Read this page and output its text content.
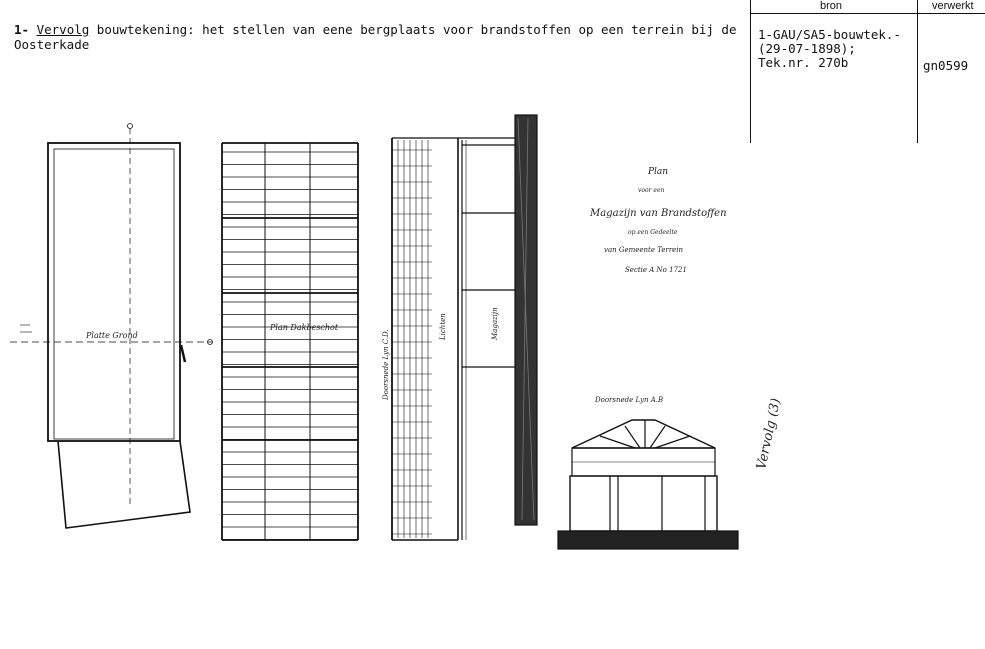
1- Vervolg bouwtekening: het stellen van eene bergplaats voor brandstoffen op een terrein bij de
Oosterkade
bron	verwerkt
1-GAU/SA5-bouwtek.-
(29-07-1898);
Tek.nr. 270b	gn0599
Platte Grond
Plan Dakbeschot
Doorsnede Lyn C.D.
Lichten	Magazijn
Doorsnede Lyn A.B
Plan
voor een
Magazijn van Brandstoffen
op een Gedeelte
van Gemeente Terrein
Sectie A No 1721
Vervolg (3)
